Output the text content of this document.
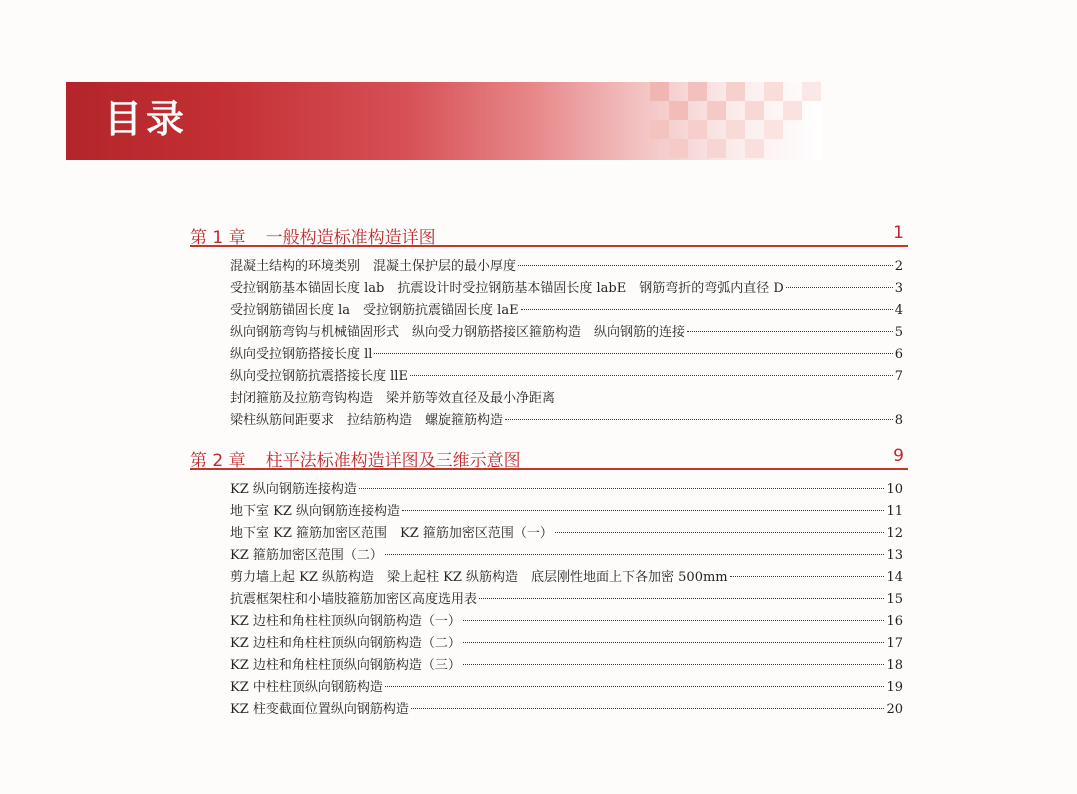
目录
第 1 章 一般构造标准构造详图	1
混凝土结构的环境类别　混凝土保护层的最小厚度	2
受拉钢筋基本锚固长度 lab　抗震设计时受拉钢筋基本锚固长度 labE　钢筋弯折的弯弧内直径 D	3
受拉钢筋锚固长度 la　受拉钢筋抗震锚固长度 laE	4
纵向钢筋弯钩与机械锚固形式　纵向受力钢筋搭接区箍筋构造　纵向钢筋的连接	5
纵向受拉钢筋搭接长度 ll	6
纵向受拉钢筋抗震搭接长度 llE	7
封闭箍筋及拉筋弯钩构造　梁并筋等效直径及最小净距离
梁柱纵筋间距要求　拉结筋构造　螺旋箍筋构造	8
第 2 章 柱平法标准构造详图及三维示意图	9
KZ 纵向钢筋连接构造	10
地下室 KZ 纵向钢筋连接构造	11
地下室 KZ 箍筋加密区范围　KZ 箍筋加密区范围（一）	12
KZ 箍筋加密区范围（二）	13
剪力墙上起 KZ 纵筋构造　梁上起柱 KZ 纵筋构造　底层刚性地面上下各加密 500mm	14
抗震框架柱和小墙肢箍筋加密区高度选用表	15
KZ 边柱和角柱柱顶纵向钢筋构造（一）	16
KZ 边柱和角柱柱顶纵向钢筋构造（二）	17
KZ 边柱和角柱柱顶纵向钢筋构造（三）	18
KZ 中柱柱顶纵向钢筋构造	19
KZ 柱变截面位置纵向钢筋构造	20
